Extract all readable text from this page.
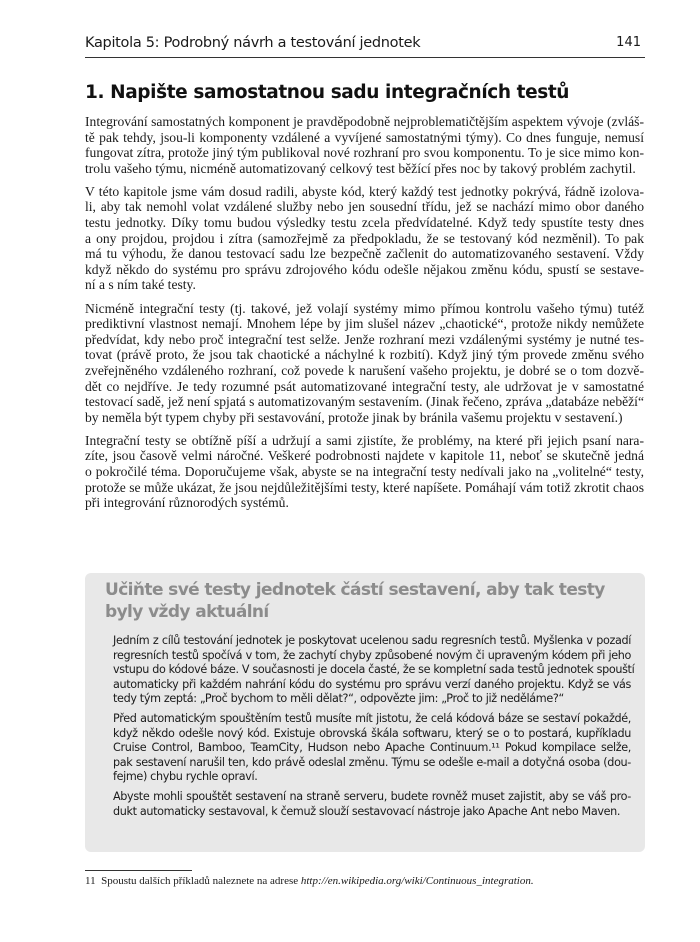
Kapitola 5: Podrobný návrh a testování jednotek	141
1. Napište samostatnou sadu integračních testů
Integrování samostatných komponent je pravděpodobně nejproblematičtějším aspektem vývoje (zvláš-
tě pak tehdy, jsou-li komponenty vzdálené a vyvíjené samostatnými týmy). Co dnes funguje, nemusí
fungovat zítra, protože jiný tým publikoval nové rozhraní pro svou komponentu. To je sice mimo kon-
trolu vašeho týmu, nicméně automatizovaný celkový test běžící přes noc by takový problém zachytil.
V této kapitole jsme vám dosud radili, abyste kód, který každý test jednotky pokrývá, řádně izolova-
li, aby tak nemohl volat vzdálené služby nebo jen sousední třídu, jež se nachází mimo obor daného
testu jednotky. Díky tomu budou výsledky testu zcela předvídatelné. Když tedy spustíte testy dnes
a ony projdou, projdou i zítra (samozřejmě za předpokladu, že se testovaný kód nezměnil). To pak
má tu výhodu, že danou testovací sadu lze bezpečně začlenit do automatizovaného sestavení. Vždy
když někdo do systému pro správu zdrojového kódu odešle nějakou změnu kódu, spustí se sestave-
ní a s ním také testy.
Nicméně integrační testy (tj. takové, jež volají systémy mimo přímou kontrolu vašeho týmu) tutéž
prediktivní vlastnost nemají. Mnohem lépe by jim slušel název „chaotické“, protože nikdy nemůžete
předvídat, kdy nebo proč integrační test selže. Jenže rozhraní mezi vzdálenými systémy je nutné tes-
tovat (právě proto, že jsou tak chaotické a náchylné k rozbití). Když jiný tým provede změnu svého
zveřejněného vzdáleného rozhraní, což povede k narušení vašeho projektu, je dobré se o tom dozvě-
dět co nejdříve. Je tedy rozumné psát automatizované integrační testy, ale udržovat je v samostatné
testovací sadě, jež není spjatá s automatizovaným sestavením. (Jinak řečeno, zpráva „databáze neběží“
by neměla být typem chyby při sestavování, protože jinak by bránila vašemu projektu v sestavení.)
Integrační testy se obtížně píší a udržují a sami zjistíte, že problémy, na které při jejich psaní nara-
zíte, jsou časově velmi náročné. Veškeré podrobnosti najdete v kapitole 11, neboť se skutečně jedná
o pokročilé téma. Doporučujeme však, abyste se na integrační testy nedívali jako na „volitelné“ testy,
protože se může ukázat, že jsou nejdůležitějšími testy, které napíšete. Pomáhají vám totiž zkrotit chaos
při integrování různorodých systémů.
Učiňte své testy jednotek částí sestavení, aby tak testy byly vždy aktuální
Jedním z cílů testování jednotek je poskytovat ucelenou sadu regresních testů. Myšlenka v pozadí
regresních testů spočívá v tom, že zachytí chyby způsobené novým či upraveným kódem při jeho
vstupu do kódové báze. V současnosti je docela časté, že se kompletní sada testů jednotek spouští
automaticky při každém nahrání kódu do systému pro správu verzí daného projektu. Když se vás
tedy tým zeptá: „Proč bychom to měli dělat?“, odpovězte jim: „Proč to již neděláme?“
Před automatickým spouštěním testů musíte mít jistotu, že celá kódová báze se sestaví pokaždé,
když někdo odešle nový kód. Existuje obrovská škála softwaru, který se o to postará, kupříkladu
Cruise Control, Bamboo, TeamCity, Hudson nebo Apache Continuum.¹¹ Pokud kompilace selže,
pak sestavení narušil ten, kdo právě odeslal změnu. Týmu se odešle e-mail a dotyčná osoba (dou-
fejme) chybu rychle opraví.
Abyste mohli spouštět sestavení na straně serveru, budete rovněž muset zajistit, aby se váš pro-
dukt automaticky sestavoval, k čemuž slouží sestavovací nástroje jako Apache Ant nebo Maven.
11 Spoustu dalších příkladů naleznete na adrese http://en.wikipedia.org/wiki/Continuous_integration.
